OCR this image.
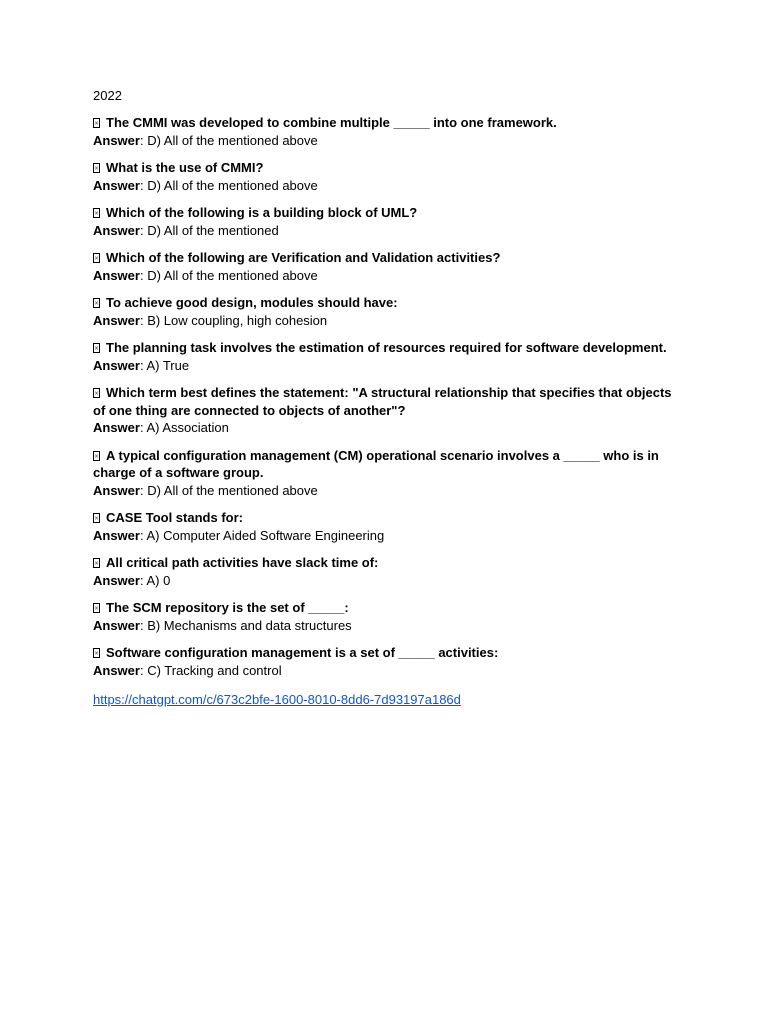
2022

The CMMI was developed to combine multiple _____ into one framework.

Answer: D) All of the mentioned above

What is the use of CMMI?

Answer: D) All of the mentioned above

Which of the following is a building block of UML?

Answer: D) All of the mentioned

Which of the following are Verification and Validation activities?

Answer: D) All of the mentioned above

To achieve good design, modules should have:

Answer: B) Low coupling, high cohesion

The planning task involves the estimation of resources required for software development.

Answer: A) True

Which term best defines the statement: "A structural relationship that specifies that objects of one thing are connected to objects of another"?

Answer: A) Association

A typical configuration management (CM) operational scenario involves a _____ who is in charge of a software group.

Answer: D) All of the mentioned above

CASE Tool stands for:

Answer: A) Computer Aided Software Engineering

All critical path activities have slack time of:

Answer: A) 0

The SCM repository is the set of _____:

Answer: B) Mechanisms and data structures

Software configuration management is a set of _____ activities:

Answer: C) Tracking and control

https://chatgpt.com/c/673c2bfe-1600-8010-8dd6-7d93197a186d
